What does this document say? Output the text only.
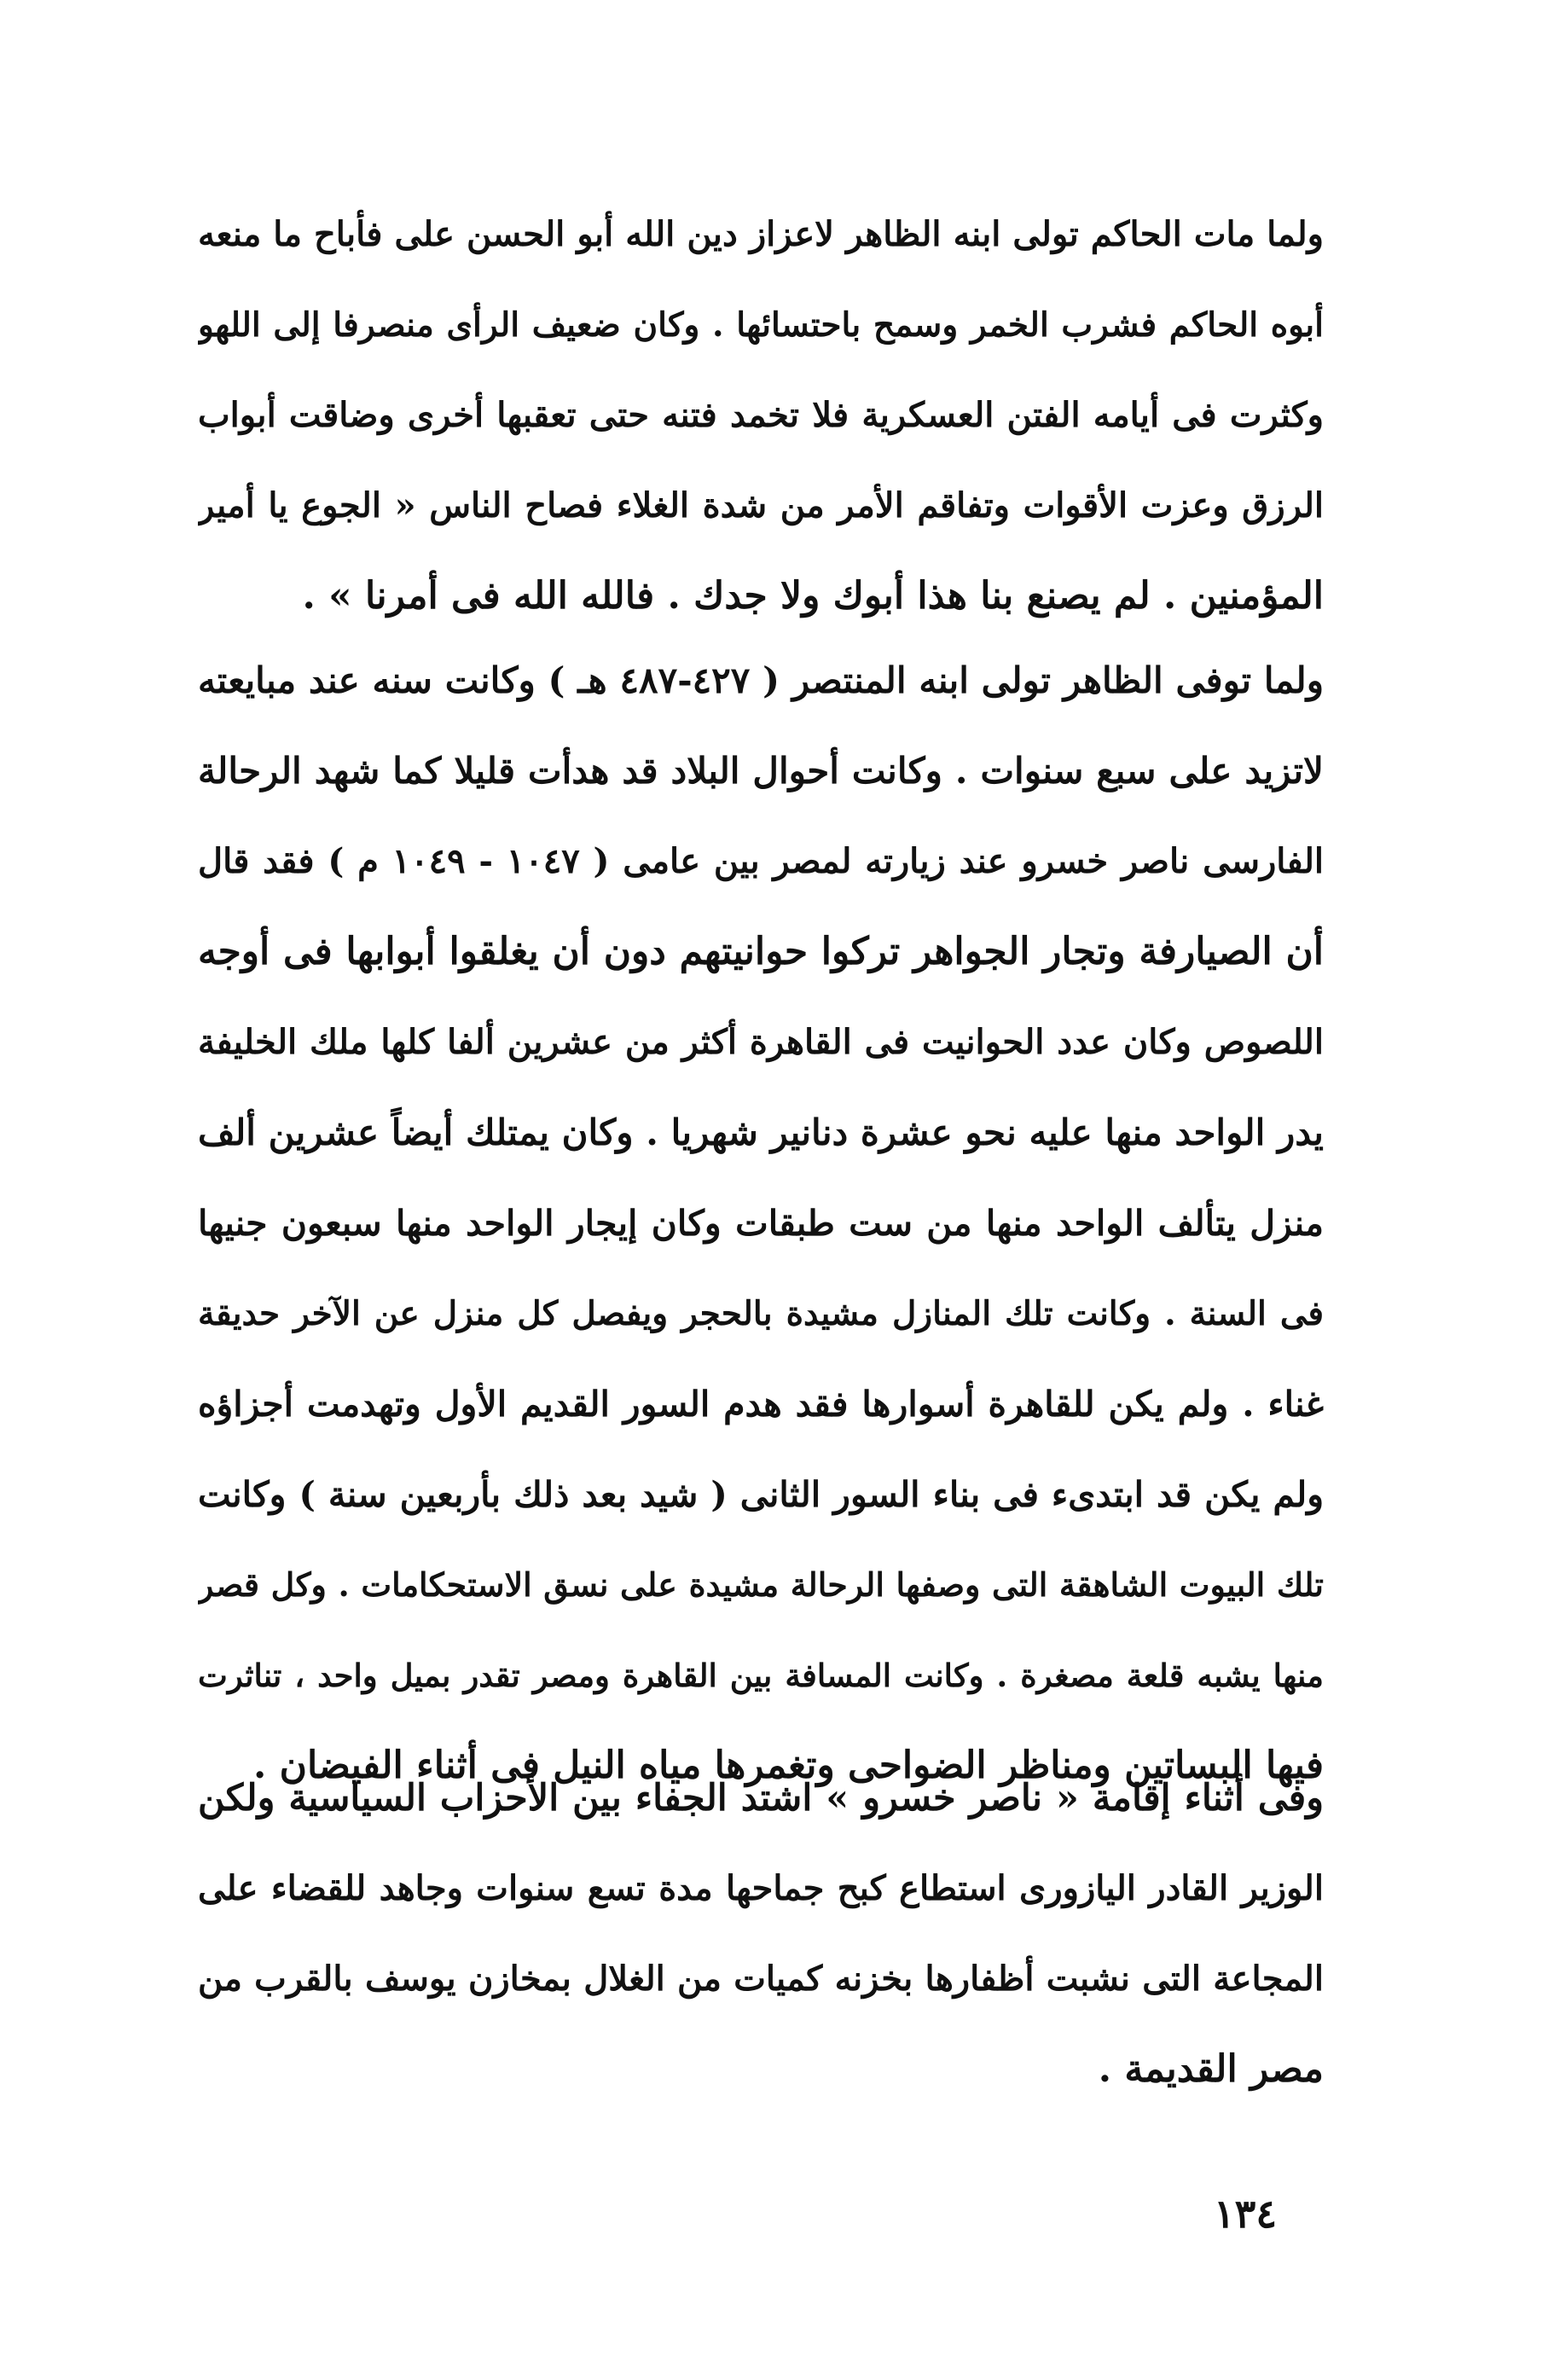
ولما مات الحاكم تولى ابنه الظاهر لاعزاز دين الله أبو الحسن على فأباح ما منعه
أبوه الحاكم فشرب الخمر وسمح باحتسائها . وكان ضعيف الرأى منصرفا إلى اللهو
وكثرت فى أيامه الفتن العسكرية فلا تخمد فتنه حتى تعقبها أخرى وضاقت أبواب
الرزق وعزت الأقوات وتفاقم الأمر من شدة الغلاء فصاح الناس « الجوع يا أمير
المؤمنين . لم يصنع بنا هذا أبوك ولا جدك . فالله الله فى أمرنا » .
ولما توفى الظاهر تولى ابنه المنتصر ( ٤٢٧-٤٨٧ هـ ) وكانت سنه عند مبايعته
لاتزيد على سبع سنوات . وكانت أحوال البلاد قد هدأت قليلا كما شهد الرحالة
الفارسى ناصر خسرو عند زيارته لمصر بين عامى ( ١٠٤٧ - ١٠٤٩ م ) فقد قال
أن الصيارفة وتجار الجواهر تركوا حوانيتهم دون أن يغلقوا أبوابها فى أوجه
اللصوص وكان عدد الحوانيت فى القاهرة أكثر من عشرين ألفا كلها ملك الخليفة
يدر الواحد منها عليه نحو عشرة دنانير شهريا . وكان يمتلك أيضاً عشرين ألف
منزل يتألف الواحد منها من ست طبقات وكان إيجار الواحد منها سبعون جنيها
فى السنة . وكانت تلك المنازل مشيدة بالحجر ويفصل كل منزل عن الآخر حديقة
غناء . ولم يكن للقاهرة أسوارها فقد هدم السور القديم الأول وتهدمت أجزاؤه
ولم يكن قد ابتدىء فى بناء السور الثانى ( شيد بعد ذلك بأربعين سنة ) وكانت
تلك البيوت الشاهقة التى وصفها الرحالة مشيدة على نسق الاستحكامات . وكل قصر
منها يشبه قلعة مصغرة . وكانت المسافة بين القاهرة ومصر تقدر بميل واحد ، تناثرت
فيها البساتين ومناظر الضواحى وتغمرها مياه النيل فى أثناء الفيضان .
وفى أثناء إقامة « ناصر خسرو » اشتد الجفاء بين الأحزاب السياسية ولكن
الوزير القادر اليازورى استطاع كبح جماحها مدة تسع سنوات وجاهد للقضاء على
المجاعة التى نشبت أظفارها بخزنه كميات من الغلال بمخازن يوسف بالقرب من
مصر القديمة .
١٣٤
